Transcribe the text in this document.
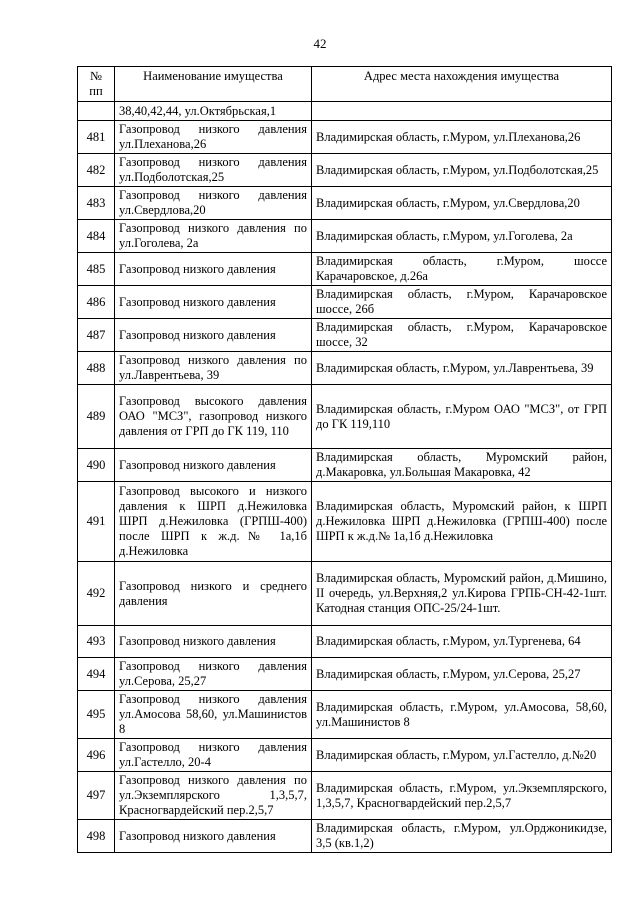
42
№ пп	Наименование имущества	Адрес места нахождения имущества
	38,40,42,44, ул.Октябрьская,1	
481	Газопровод низкого давления ул.Плеханова,26	Владимирская область, г.Муром, ул.Плеханова,26
482	Газопровод низкого давления ул.Подболотская,25	Владимирская область, г.Муром, ул.Подболотская,25
483	Газопровод низкого давления ул.Свердлова,20	Владимирская область, г.Муром, ул.Свердлова,20
484	Газопровод низкого давления по ул.Гоголева, 2а	Владимирская область, г.Муром, ул.Гоголева, 2а
485	Газопровод низкого давления	Владимирская область, г.Муром, шоссе Карачаровское, д.26а
486	Газопровод низкого давления	Владимирская область, г.Муром, Карачаровское шоссе, 26б
487	Газопровод низкого давления	Владимирская область, г.Муром, Карачаровское шоссе, 32
488	Газопровод низкого давления по ул.Лаврентьева, 39	Владимирская область, г.Муром, ул.Лаврентьева, 39
489	Газопровод высокого давления ОАО "МСЗ", газопровод низкого давления от ГРП до ГК 119, 110	Владимирская область, г.Муром ОАО "МСЗ", от ГРП до ГК 119,110
490	Газопровод низкого давления	Владимирская область, Муромский район, д.Макаровка, ул.Большая Макаровка, 42
491	Газопровод высокого и низкого давления к ШРП д.Нежиловка ШРП д.Нежиловка (ГРПШ-400) после ШРП к ж.д.№ 1а,1б д.Нежиловка	Владимирская область, Муромский район, к ШРП д.Нежиловка ШРП д.Нежиловка (ГРПШ-400) после ШРП к ж.д.№ 1а,1б д.Нежиловка
492	Газопровод низкого и среднего давления	Владимирская область, Муромский район, д.Мишино, II очередь, ул.Верхняя,2 ул.Кирова ГРПБ-СН-42-1шт. Катодная станция ОПС-25/24-1шт.
493	Газопровод низкого давления	Владимирская область, г.Муром, ул.Тургенева, 64
494	Газопровод низкого давления ул.Серова, 25,27	Владимирская область, г.Муром, ул.Серова, 25,27
495	Газопровод низкого давления ул.Амосова 58,60, ул.Машинистов 8	Владимирская область, г.Муром, ул.Амосова, 58,60, ул.Машинистов 8
496	Газопровод низкого давления ул.Гастелло, 20-4	Владимирская область, г.Муром, ул.Гастелло, д.№20
497	Газопровод низкого давления по ул.Экземплярского 1,3,5,7, Красногвардейский пер.2,5,7	Владимирская область, г.Муром, ул.Экземплярского, 1,3,5,7, Красногвардейский пер.2,5,7
498	Газопровод низкого давления	Владимирская область, г.Муром, ул.Орджоникидзе, 3,5 (кв.1,2)
